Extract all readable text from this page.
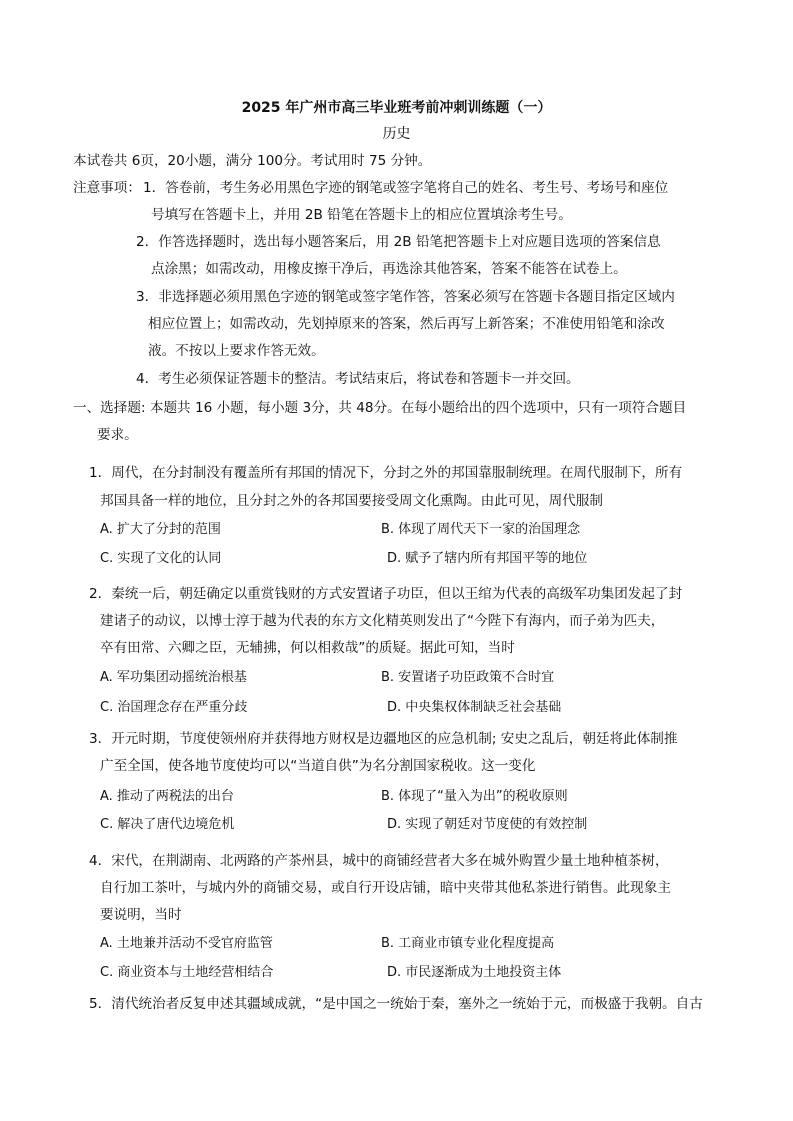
2025 年广州市高三毕业班考前冲刺训练题（一）
历史
本试卷共 6页，20小题，满分 100分。考试用时 75 分钟。
注意事项： 1．答卷前，考生务必用黑色字迹的钢笔或签字笔将自己的姓名、考生号、考场号和座位
号填写在答题卡上，并用 2B 铅笔在答题卡上的相应位置填涂考生号。
2．作答选择题时，选出每小题答案后，用 2B 铅笔把答题卡上对应题目选项的答案信息
点涂黑；如需改动，用橡皮擦干净后，再选涂其他答案，答案不能答在试卷上。
3．非选择题必须用黑色字迹的钢笔或签字笔作答，答案必须写在答题卡各题目指定区域内
相应位置上；如需改动，先划掉原来的答案，然后再写上新答案；不准使用铅笔和涂改
液。不按以上要求作答无效。
4．考生必须保证答题卡的整洁。考试结束后，将试卷和答题卡一并交回。
一、选择题: 本题共 16 小题，每小题 3分，共 48分。在每小题给出的四个选项中，只有一项符合题目
要求。
1．周代，在分封制没有覆盖所有邦国的情况下，分封之外的邦国靠服制统理。在周代服制下，所有
邦国具备一样的地位，且分封之外的各邦国要接受周文化熏陶。由此可见，周代服制
A. 扩大了分封的范围	B. 体现了周代天下一家的治国理念
C. 实现了文化的认同	D. 赋予了辖内所有邦国平等的地位
2．秦统一后，朝廷确定以重赏钱财的方式安置诸子功臣，但以王绾为代表的高级军功集团发起了封
建诸子的动议，以博士淳于越为代表的东方文化精英则发出了“今陛下有海内，而子弟为匹夫，
卒有田常、六卿之臣，无辅拂，何以相救哉”的质疑。据此可知，当时
A. 军功集团动摇统治根基	B. 安置诸子功臣政策不合时宜
C. 治国理念存在严重分歧	D. 中央集权体制缺乏社会基础
3．开元时期，节度使领州府并获得地方财权是边疆地区的应急机制; 安史之乱后，朝廷将此体制推
广至全国，使各地节度使均可以“当道自供”为名分割国家税收。这一变化
A. 推动了两税法的出台	B. 体现了“量入为出”的税收原则
C. 解决了唐代边境危机	D. 实现了朝廷对节度使的有效控制
4．宋代，在荆湖南、北两路的产茶州县，城中的商铺经营者大多在城外购置少量土地种植茶树，
自行加工茶叶，与城内外的商铺交易，或自行开设店铺，暗中夹带其他私茶进行销售。此现象主
要说明，当时
A. 土地兼并活动不受官府监管	B. 工商业市镇专业化程度提高
C. 商业资本与土地经营相结合	D. 市民逐渐成为土地投资主体
5．清代统治者反复申述其疆域成就，“是中国之一统始于秦，塞外之一统始于元，而极盛于我朝。自古
